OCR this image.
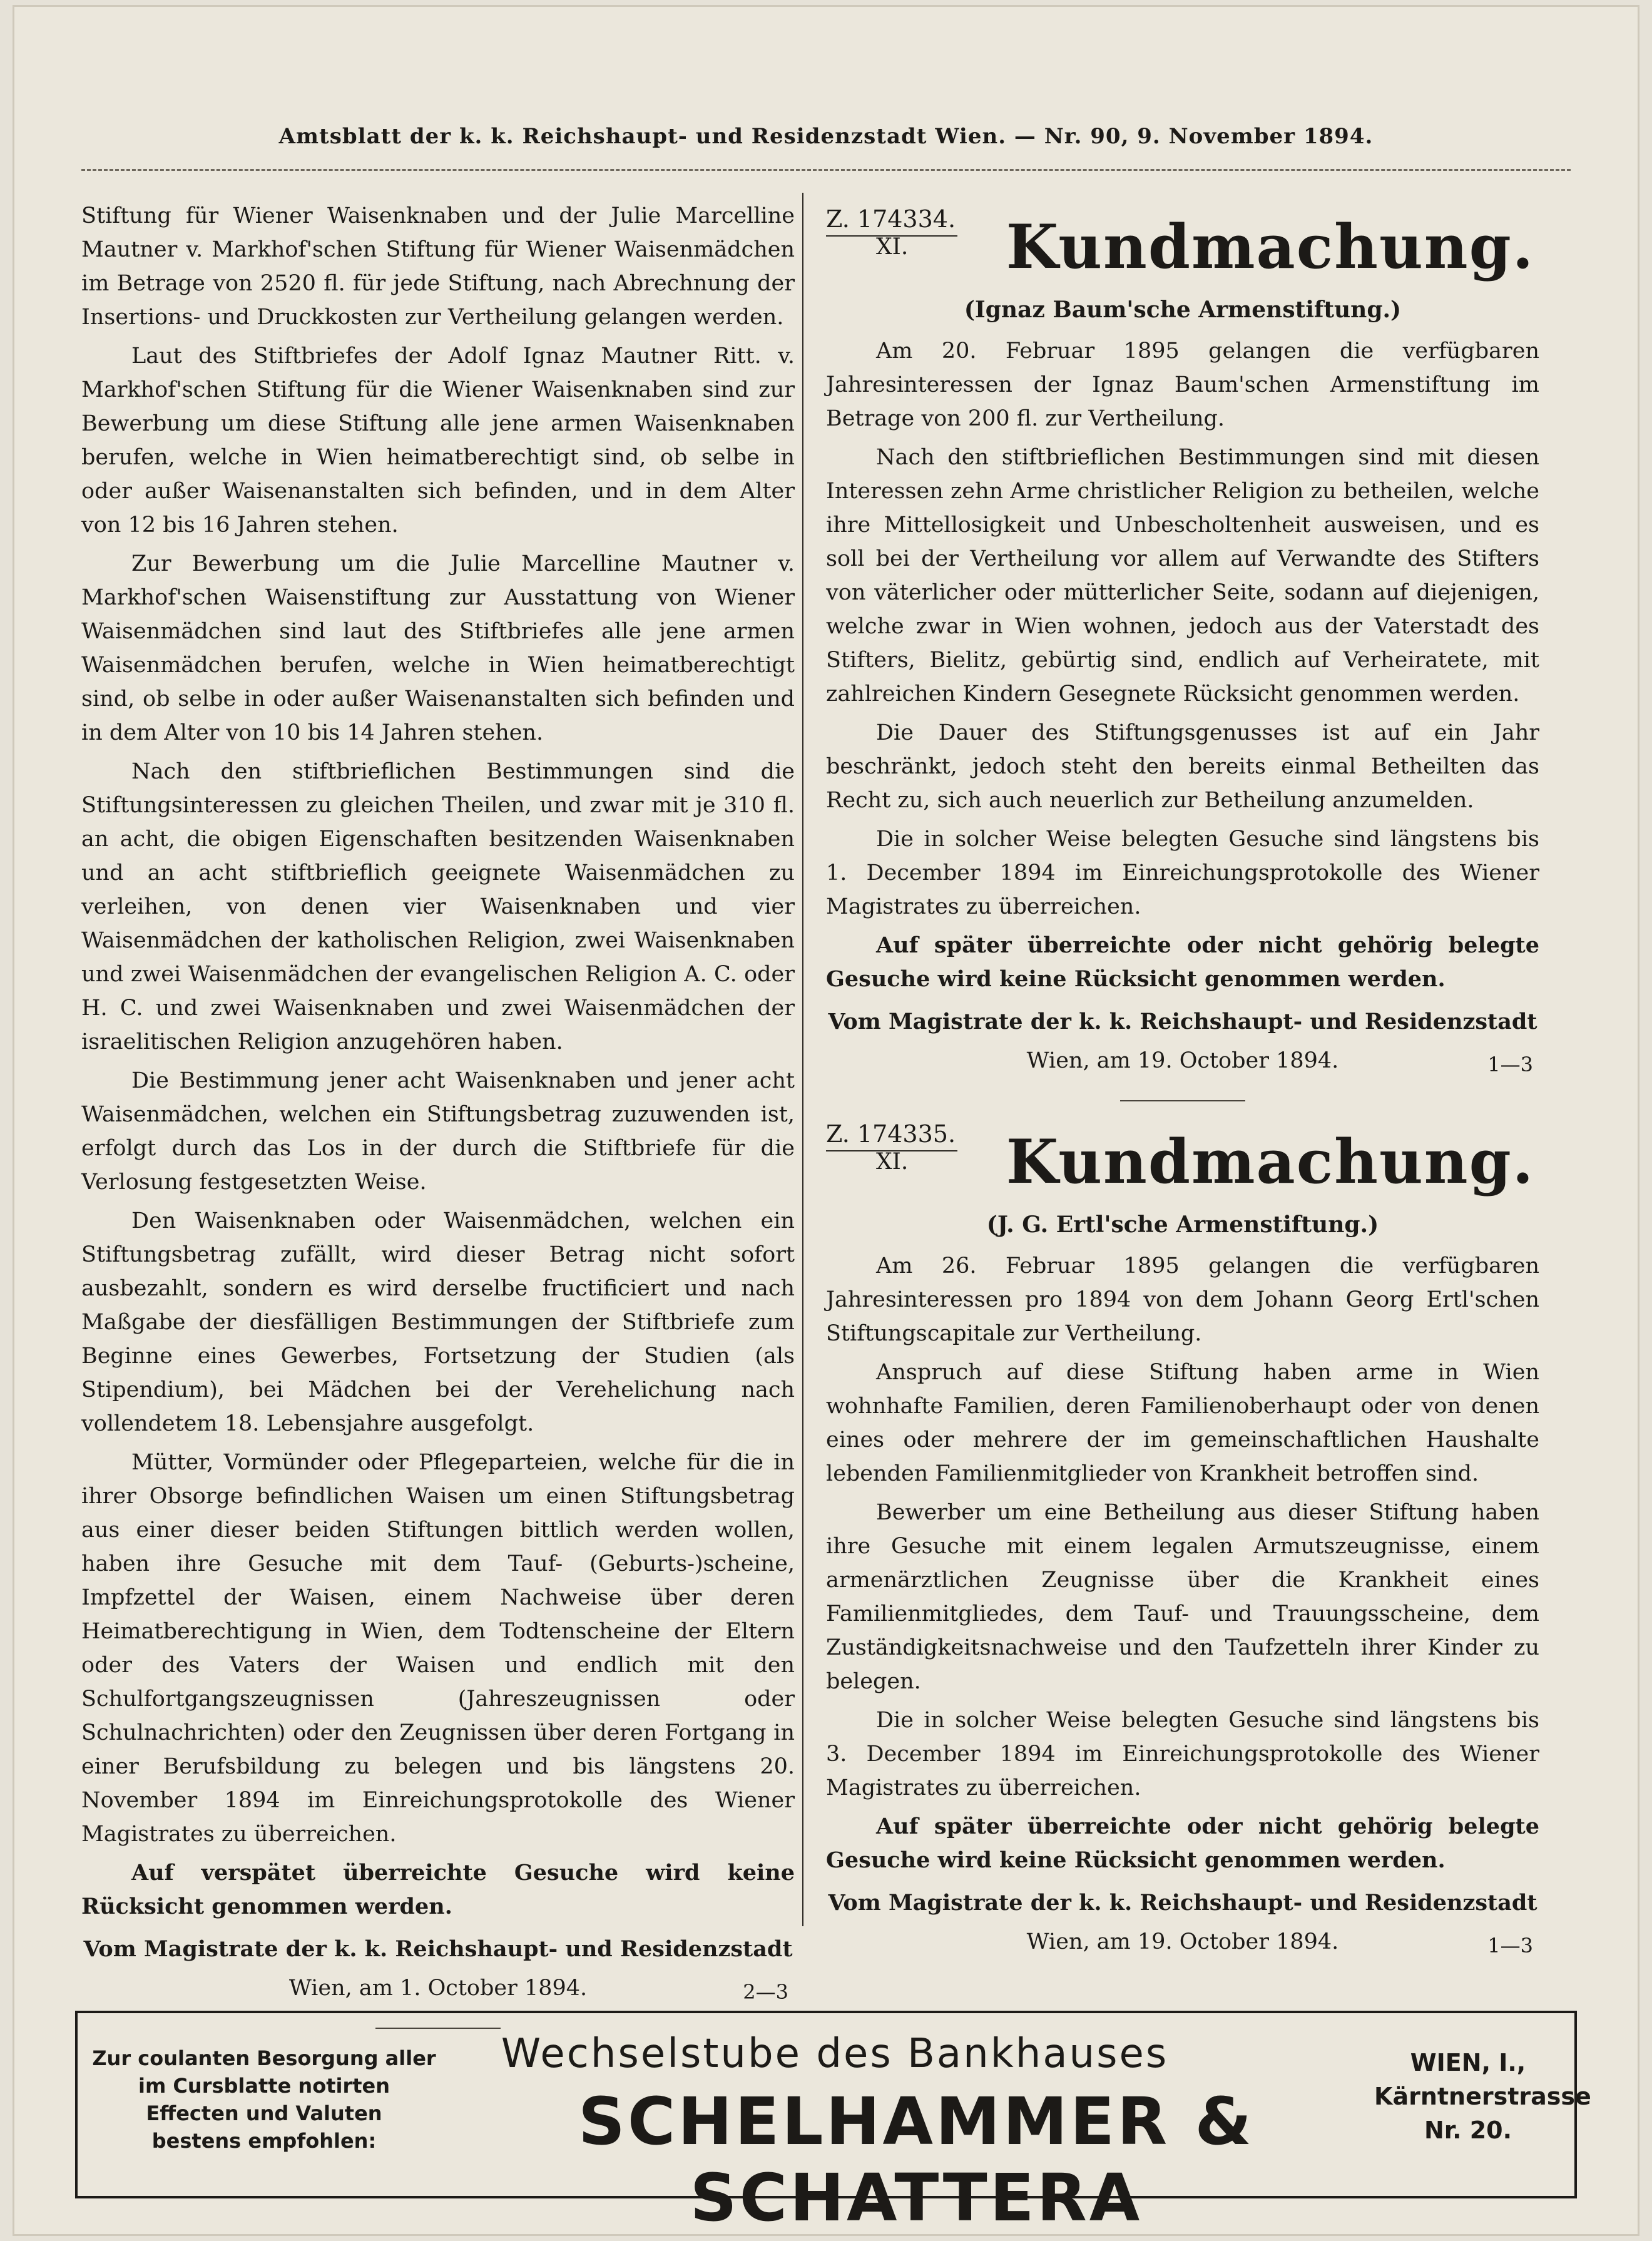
Amtsblatt der k. k. Reichshaupt- und Residenzstadt Wien. — Nr. 90, 9. November 1894.

Stiftung für Wiener Waisenknaben und der Julie Marcelline Mautner v. Markhof'schen Stiftung für Wiener Waisenmädchen im Betrage von 2520 fl. für jede Stiftung, nach Abrechnung der Insertions- und Druckkosten zur Vertheilung gelangen werden.

Laut des Stiftbriefes der Adolf Ignaz Mautner Ritt. v. Markhof'schen Stiftung für die Wiener Waisenknaben sind zur Bewerbung um diese Stiftung alle jene armen Waisenknaben berufen, welche in Wien heimatberechtigt sind, ob selbe in oder außer Waisenanstalten sich befinden, und in dem Alter von 12 bis 16 Jahren stehen.

Zur Bewerbung um die Julie Marcelline Mautner v. Markhof'schen Waisenstiftung zur Ausstattung von Wiener Waisenmädchen sind laut des Stiftbriefes alle jene armen Waisenmädchen berufen, welche in Wien heimatberechtigt sind, ob selbe in oder außer Waisenanstalten sich befinden und in dem Alter von 10 bis 14 Jahren stehen.

Nach den stiftbrieflichen Bestimmungen sind die Stiftungsinteressen zu gleichen Theilen, und zwar mit je 310 fl. an acht, die obigen Eigenschaften besitzenden Waisenknaben und an acht stiftbrieflich geeignete Waisenmädchen zu verleihen, von denen vier Waisenknaben und vier Waisenmädchen der katholischen Religion, zwei Waisenknaben und zwei Waisenmädchen der evangelischen Religion A. C. oder H. C. und zwei Waisenknaben und zwei Waisenmädchen der israelitischen Religion anzugehören haben.

Die Bestimmung jener acht Waisenknaben und jener acht Waisenmädchen, welchen ein Stiftungsbetrag zuzuwenden ist, erfolgt durch das Los in der durch die Stiftbriefe für die Verlosung festgesetzten Weise.

Den Waisenknaben oder Waisenmädchen, welchen ein Stiftungsbetrag zufällt, wird dieser Betrag nicht sofort ausbezahlt, sondern es wird derselbe fructificiert und nach Maßgabe der diesfälligen Bestimmungen der Stiftbriefe zum Beginne eines Gewerbes, Fortsetzung der Studien (als Stipendium), bei Mädchen bei der Verehelichung nach vollendetem 18. Lebensjahre ausgefolgt.

Mütter, Vormünder oder Pflegeparteien, welche für die in ihrer Obsorge befindlichen Waisen um einen Stiftungsbetrag aus einer dieser beiden Stiftungen bittlich werden wollen, haben ihre Gesuche mit dem Tauf- (Geburts-)scheine, Impfzettel der Waisen, einem Nachweise über deren Heimatberechtigung in Wien, dem Todtenscheine der Eltern oder des Vaters der Waisen und endlich mit den Schulfortgangszeugnissen (Jahreszeugnissen oder Schulnachrichten) oder den Zeugnissen über deren Fortgang in einer Berufsbildung zu belegen und bis längstens 20. November 1894 im Einreichungsprotokolle des Wiener Magistrates zu überreichen.

Auf verspätet überreichte Gesuche wird keine Rücksicht genommen werden.

Vom Magistrate der k. k. Reichshaupt- und Residenzstadt

Wien, am 1. October 1894.	2—3
Z. 174334.
XI. Kundmachung.

(Ignaz Baum'sche Armenstiftung.)

Am 20. Februar 1895 gelangen die verfügbaren Jahresinteressen der Ignaz Baum'schen Armenstiftung im Betrage von 200 fl. zur Vertheilung.

Nach den stiftbrieflichen Bestimmungen sind mit diesen Interessen zehn Arme christlicher Religion zu betheilen, welche ihre Mittellosigkeit und Unbescholtenheit ausweisen, und es soll bei der Vertheilung vor allem auf Verwandte des Stifters von väterlicher oder mütterlicher Seite, sodann auf diejenigen, welche zwar in Wien wohnen, jedoch aus der Vaterstadt des Stifters, Bielitz, gebürtig sind, endlich auf Verheiratete, mit zahlreichen Kindern Gesegnete Rücksicht genommen werden.

Die Dauer des Stiftungsgenusses ist auf ein Jahr beschränkt, jedoch steht den bereits einmal Betheilten das Recht zu, sich auch neuerlich zur Betheilung anzumelden.

Die in solcher Weise belegten Gesuche sind längstens bis 1. December 1894 im Einreichungsprotokolle des Wiener Magistrates zu überreichen.

Auf später überreichte oder nicht gehörig belegte Gesuche wird keine Rücksicht genommen werden.

Vom Magistrate der k. k. Reichshaupt- und Residenzstadt

Wien, am 19. October 1894.	1—3
Z. 174335.
XI. Kundmachung.

(J. G. Ertl'sche Armenstiftung.)

Am 26. Februar 1895 gelangen die verfügbaren Jahresinteressen pro 1894 von dem Johann Georg Ertl'schen Stiftungscapitale zur Vertheilung.

Anspruch auf diese Stiftung haben arme in Wien wohnhafte Familien, deren Familienoberhaupt oder von denen eines oder mehrere der im gemeinschaftlichen Haushalte lebenden Familienmitglieder von Krankheit betroffen sind.

Bewerber um eine Betheilung aus dieser Stiftung haben ihre Gesuche mit einem legalen Armutszeugnisse, einem armenärztlichen Zeugnisse über die Krankheit eines Familienmitgliedes, dem Tauf- und Trauungsscheine, dem Zuständigkeitsnachweise und den Taufzetteln ihrer Kinder zu belegen.

Die in solcher Weise belegten Gesuche sind längstens bis 3. December 1894 im Einreichungsprotokolle des Wiener Magistrates zu überreichen.

Auf später überreichte oder nicht gehörig belegte Gesuche wird keine Rücksicht genommen werden.

Vom Magistrate der k. k. Reichshaupt- und Residenzstadt

Wien, am 19. October 1894.	1—3
Zur coulanten Besorgung aller
im Cursblatte notirten
Effecten und Valuten
bestens empfohlen:
Wechselstube des Bankhauses
SCHELHAMMER & SCHATTERA
WIEN, I.,
Kärntnerstrasse
Nr. 20.
